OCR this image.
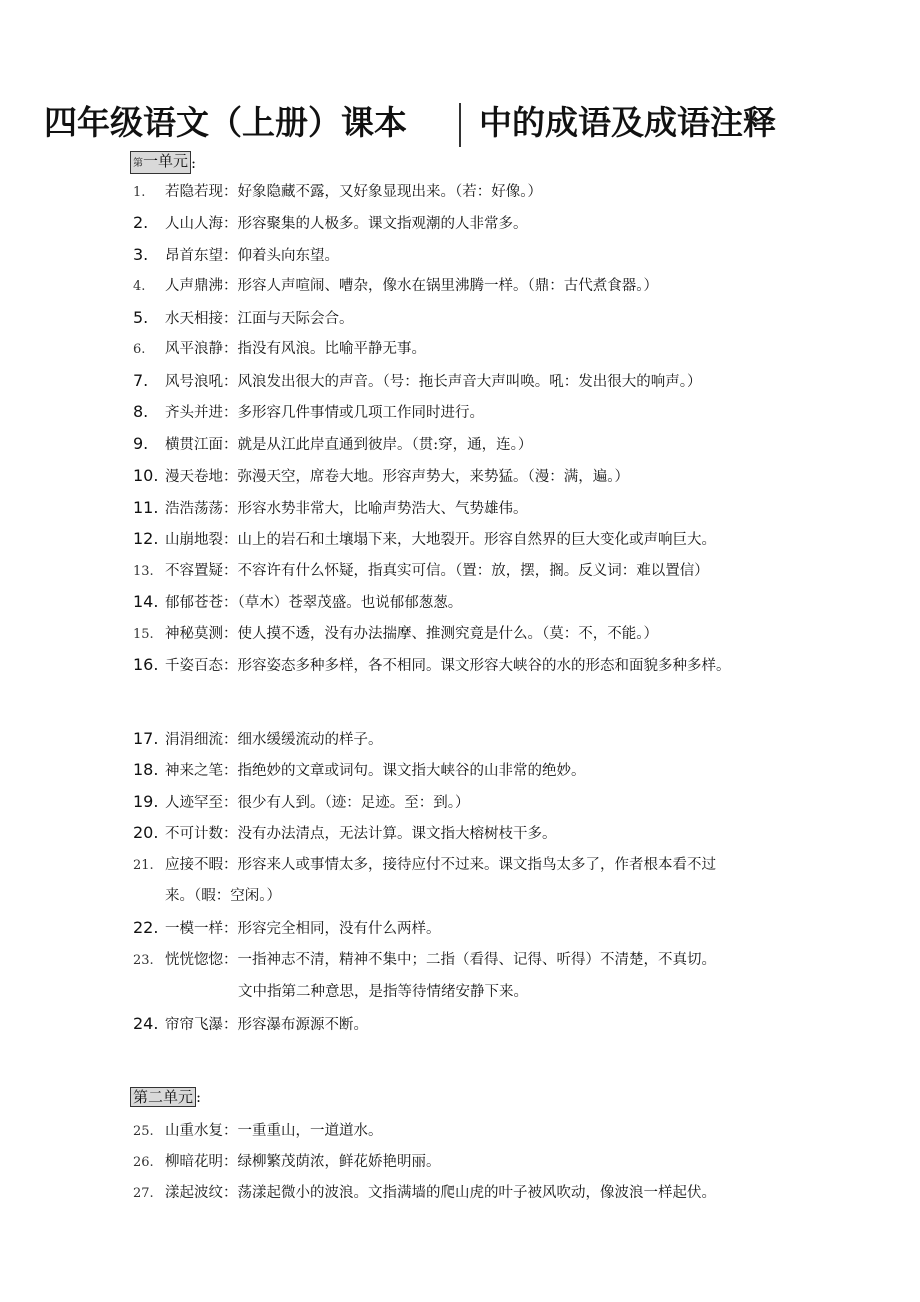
四年级语文（上册）课本 中的成语及成语注释
第一单元 :
1. 若隐若现：好象隐藏不露，又好象显现出来。（若：好像。）
2. 人山人海：形容聚集的人极多。课文指观潮的人非常多。
3. 昂首东望：仰着头向东望。
4. 人声鼎沸：形容人声喧闹、嘈杂，像水在锅里沸腾一样。（鼎：古代煮食器。）
5. 水天相接：江面与天际会合。
6. 风平浪静：指没有风浪。比喻平静无事。
7. 风号浪吼：风浪发出很大的声音。（号：拖长声音大声叫唤。吼：发出很大的响声。）
8. 齐头并进：多形容几件事情或几项工作同时进行。
9. 横贯江面：就是从江此岸直通到彼岸。（贯:穿，通，连。）
10. 漫天卷地：弥漫天空，席卷大地。形容声势大，来势猛。（漫：满，遍。）
11. 浩浩荡荡：形容水势非常大，比喻声势浩大、气势雄伟。
12. 山崩地裂：山上的岩石和土壤塌下来，大地裂开。形容自然界的巨大变化或声响巨大。
13. 不容置疑：不容许有什么怀疑，指真实可信。（置：放，摆，搁。反义词：难以置信）
14. 郁郁苍苍：（草木）苍翠茂盛。也说郁郁葱葱。
15. 神秘莫测：使人摸不透，没有办法揣摩、推测究竟是什么。（莫：不，不能。）
16. 千姿百态：形容姿态多种多样，各不相同。课文形容大峡谷的水的形态和面貌多种多样。
17. 涓涓细流：细水缓缓流动的样子。
18. 神来之笔：指绝妙的文章或词句。课文指大峡谷的山非常的绝妙。
19. 人迹罕至：很少有人到。（迹：足迹。至：到。）
20. 不可计数：没有办法清点，无法计算。课文指大榕树枝干多。
21. 应接不暇：形容来人或事情太多，接待应付不过来。课文指鸟太多了，作者根本看不过
来。（暇：空闲。）
22. 一模一样：形容完全相同，没有什么两样。
23. 恍恍惚惚：一指神志不清，精神不集中；二指（看得、记得、听得）不清楚，不真切。
文中指第二种意思，是指等待情绪安静下来。
24. 帘帘飞瀑：形容瀑布源源不断。
第二单元 :
25. 山重水复：一重重山，一道道水。
26. 柳暗花明：绿柳繁茂荫浓，鲜花娇艳明丽。
27. 漾起波纹：荡漾起微小的波浪。文指满墙的爬山虎的叶子被风吹动，像波浪一样起伏。
